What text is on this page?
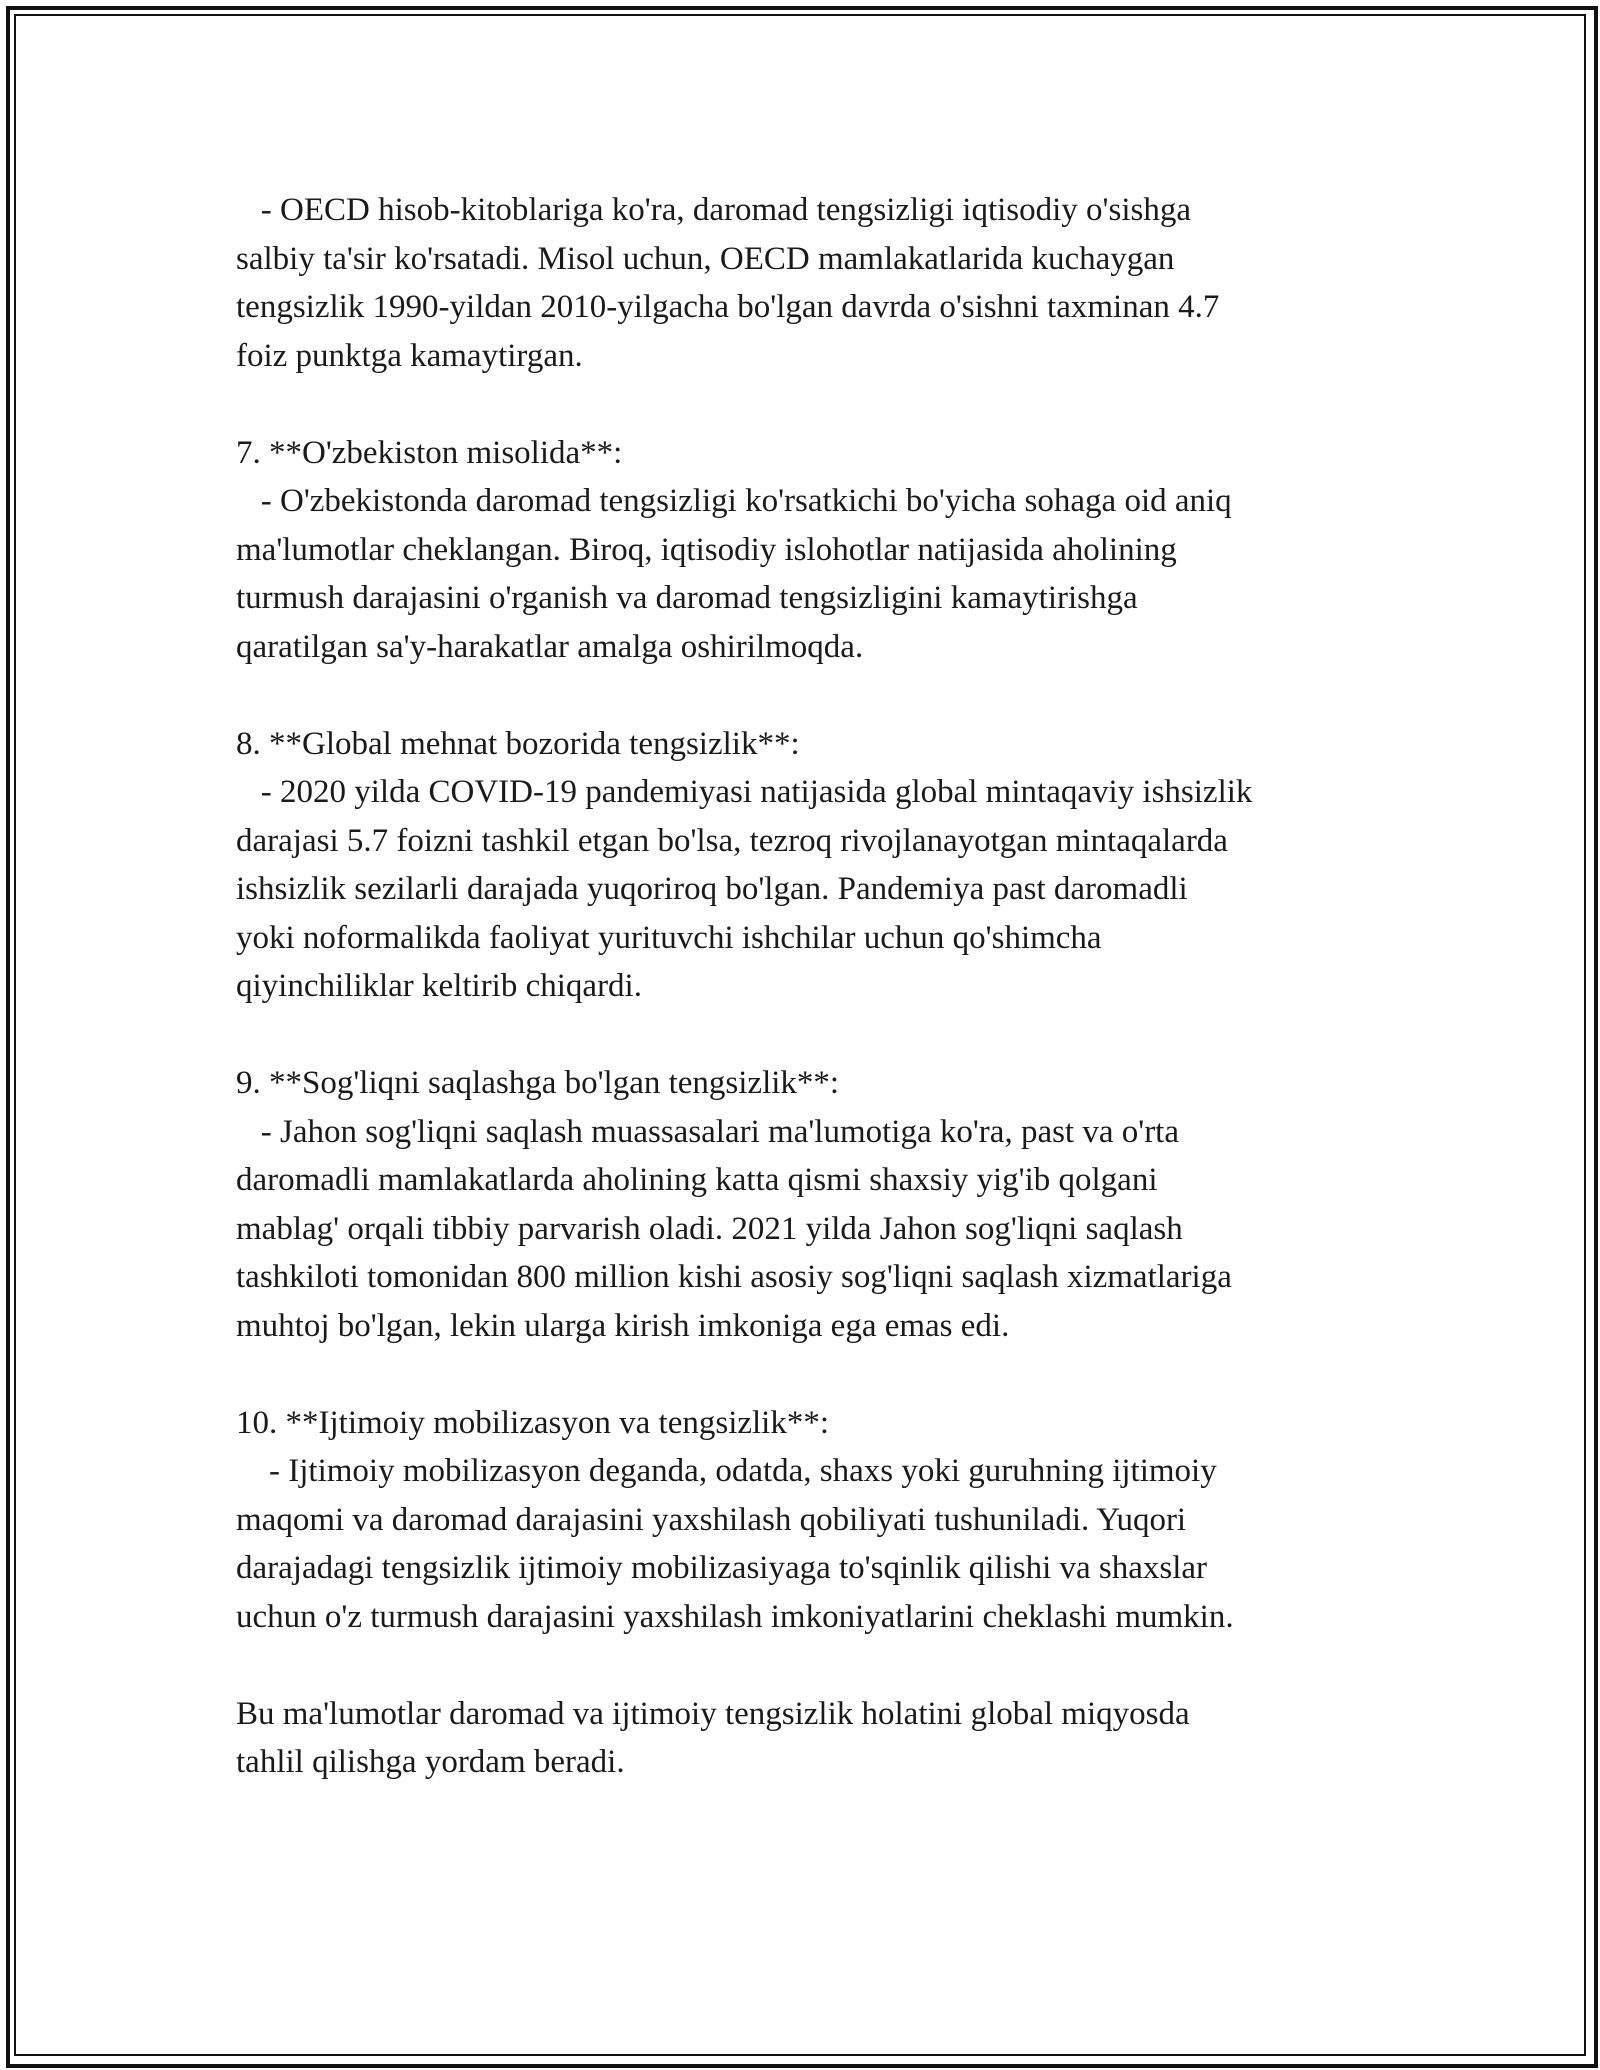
- OECD hisob-kitoblariga ko'ra, daromad tengsizligi iqtisodiy o'sishga
salbiy ta'sir ko'rsatadi. Misol uchun, OECD mamlakatlarida kuchaygan
tengsizlik 1990-yildan 2010-yilgacha bo'lgan davrda o'sishni taxminan 4.7
foiz punktga kamaytirgan.
7. **O'zbekiston misolida**:
- O'zbekistonda daromad tengsizligi ko'rsatkichi bo'yicha sohaga oid aniq
ma'lumotlar cheklangan. Biroq, iqtisodiy islohotlar natijasida aholining
turmush darajasini o'rganish va daromad tengsizligini kamaytirishga
qaratilgan sa'y-harakatlar amalga oshirilmoqda.
8. **Global mehnat bozorida tengsizlik**:
- 2020 yilda COVID-19 pandemiyasi natijasida global mintaqaviy ishsizlik
darajasi 5.7 foizni tashkil etgan bo'lsa, tezroq rivojlanayotgan mintaqalarda
ishsizlik sezilarli darajada yuqoriroq bo'lgan. Pandemiya past daromadli
yoki noformalikda faoliyat yurituvchi ishchilar uchun qo'shimcha
qiyinchiliklar keltirib chiqardi.
9. **Sog'liqni saqlashga bo'lgan tengsizlik**:
- Jahon sog'liqni saqlash muassasalari ma'lumotiga ko'ra, past va o'rta
daromadli mamlakatlarda aholining katta qismi shaxsiy yig'ib qolgani
mablag' orqali tibbiy parvarish oladi. 2021 yilda Jahon sog'liqni saqlash
tashkiloti tomonidan 800 million kishi asosiy sog'liqni saqlash xizmatlariga
muhtoj bo'lgan, lekin ularga kirish imkoniga ega emas edi.
10. **Ijtimoiy mobilizasyon va tengsizlik**:
- Ijtimoiy mobilizasyon deganda, odatda, shaxs yoki guruhning ijtimoiy
maqomi va daromad darajasini yaxshilash qobiliyati tushuniladi. Yuqori
darajadagi tengsizlik ijtimoiy mobilizasiyaga to'sqinlik qilishi va shaxslar
uchun o'z turmush darajasini yaxshilash imkoniyatlarini cheklashi mumkin.
Bu ma'lumotlar daromad va ijtimoiy tengsizlik holatini global miqyosda
tahlil qilishga yordam beradi.
